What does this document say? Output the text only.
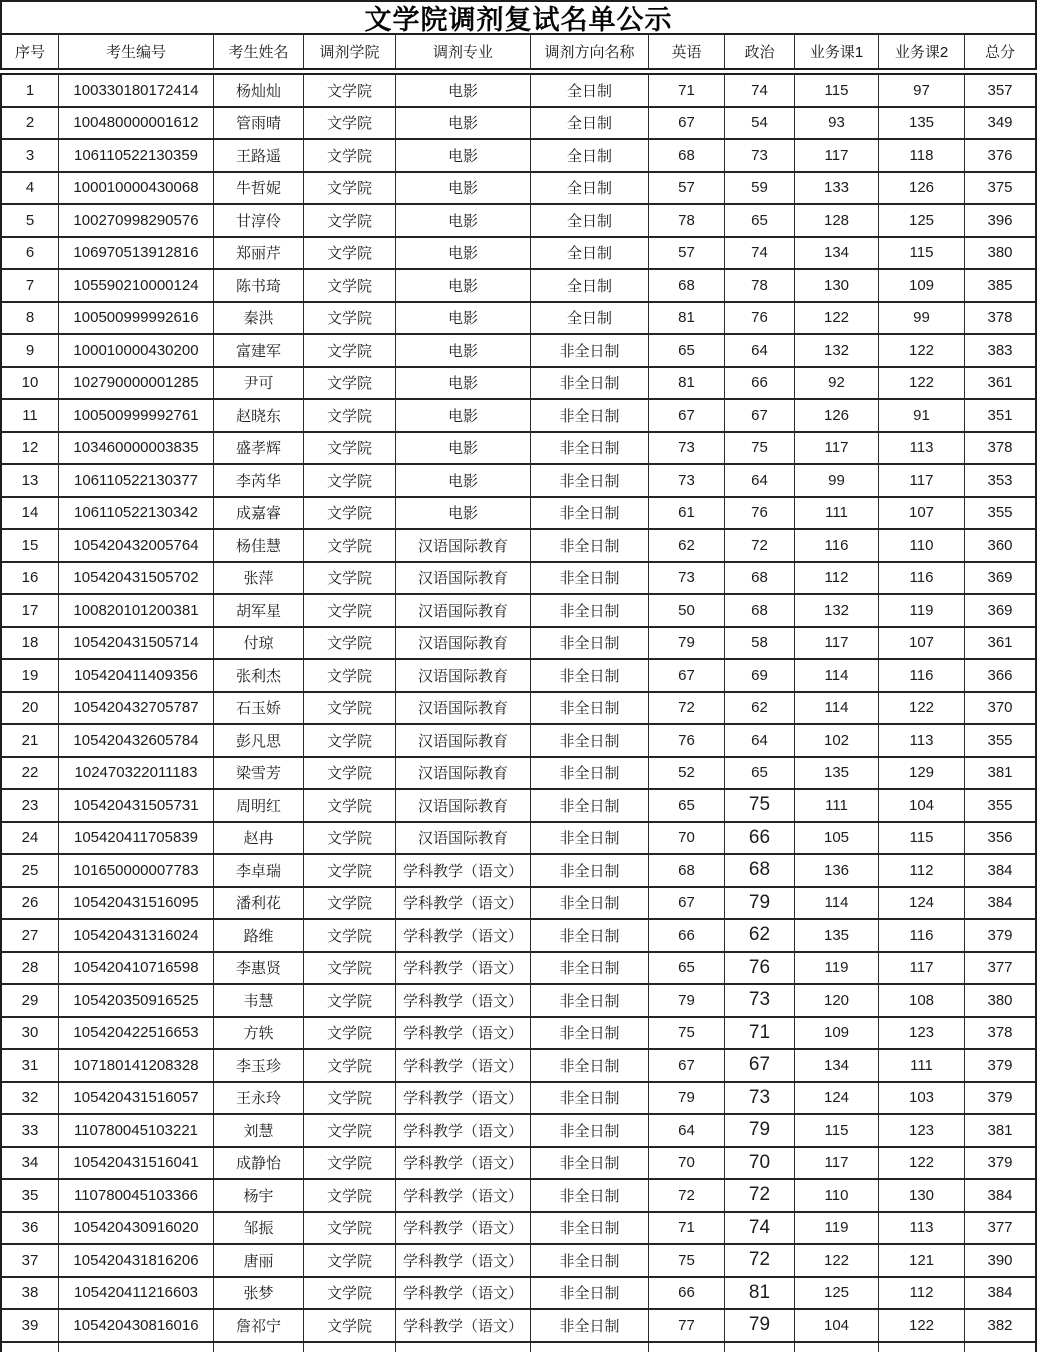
文学院调剂复试名单公示
序号	考生编号	考生姓名	调剂学院	调剂专业	调剂方向名称	英语	政治	业务课1	业务课2	总分
1	100330180172414	杨灿灿	文学院	电影	全日制	71	74	115	97	357
2	100480000001612	管雨晴	文学院	电影	全日制	67	54	93	135	349
3	106110522130359	王路遥	文学院	电影	全日制	68	73	117	118	376
4	100010000430068	牛哲妮	文学院	电影	全日制	57	59	133	126	375
5	100270998290576	甘淳伶	文学院	电影	全日制	78	65	128	125	396
6	106970513912816	郑丽芹	文学院	电影	全日制	57	74	134	115	380
7	105590210000124	陈书琦	文学院	电影	全日制	68	78	130	109	385
8	100500999992616	秦洪	文学院	电影	全日制	81	76	122	99	378
9	100010000430200	富建军	文学院	电影	非全日制	65	64	132	122	383
10	102790000001285	尹可	文学院	电影	非全日制	81	66	92	122	361
11	100500999992761	赵晓东	文学院	电影	非全日制	67	67	126	91	351
12	103460000003835	盛孝辉	文学院	电影	非全日制	73	75	117	113	378
13	106110522130377	李芮华	文学院	电影	非全日制	73	64	99	117	353
14	106110522130342	成嘉睿	文学院	电影	非全日制	61	76	111	107	355
15	105420432005764	杨佳慧	文学院	汉语国际教育	非全日制	62	72	116	110	360
16	105420431505702	张萍	文学院	汉语国际教育	非全日制	73	68	112	116	369
17	100820101200381	胡军星	文学院	汉语国际教育	非全日制	50	68	132	119	369
18	105420431505714	付琼	文学院	汉语国际教育	非全日制	79	58	117	107	361
19	105420411409356	张利杰	文学院	汉语国际教育	非全日制	67	69	114	116	366
20	105420432705787	石玉娇	文学院	汉语国际教育	非全日制	72	62	114	122	370
21	105420432605784	彭凡思	文学院	汉语国际教育	非全日制	76	64	102	113	355
22	102470322011183	梁雪芳	文学院	汉语国际教育	非全日制	52	65	135	129	381
23	105420431505731	周明红	文学院	汉语国际教育	非全日制	65	75	111	104	355
24	105420411705839	赵冉	文学院	汉语国际教育	非全日制	70	66	105	115	356
25	101650000007783	李卓瑞	文学院	学科教学（语文）	非全日制	68	68	136	112	384
26	105420431516095	潘利花	文学院	学科教学（语文）	非全日制	67	79	114	124	384
27	105420431316024	路维	文学院	学科教学（语文）	非全日制	66	62	135	116	379
28	105420410716598	李惠贤	文学院	学科教学（语文）	非全日制	65	76	119	117	377
29	105420350916525	韦慧	文学院	学科教学（语文）	非全日制	79	73	120	108	380
30	105420422516653	方轶	文学院	学科教学（语文）	非全日制	75	71	109	123	378
31	107180141208328	李玉珍	文学院	学科教学（语文）	非全日制	67	67	134	111	379
32	105420431516057	王永玲	文学院	学科教学（语文）	非全日制	79	73	124	103	379
33	110780045103221	刘慧	文学院	学科教学（语文）	非全日制	64	79	115	123	381
34	105420431516041	成静怡	文学院	学科教学（语文）	非全日制	70	70	117	122	379
35	110780045103366	杨宇	文学院	学科教学（语文）	非全日制	72	72	110	130	384
36	105420430916020	邹振	文学院	学科教学（语文）	非全日制	71	74	119	113	377
37	105420431816206	唐丽	文学院	学科教学（语文）	非全日制	75	72	122	121	390
38	105420411216603	张梦	文学院	学科教学（语文）	非全日制	66	81	125	112	384
39	105420430816016	詹祁宁	文学院	学科教学（语文）	非全日制	77	79	104	122	382
